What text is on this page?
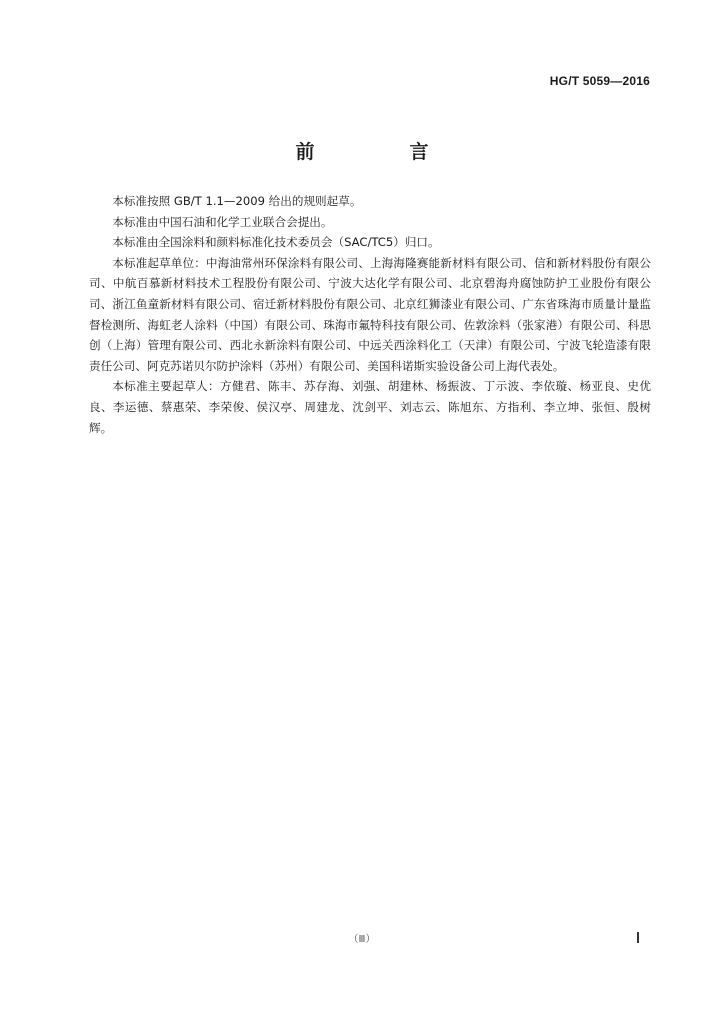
HG/T 5059—2016
前　言

本标准按照 GB/T 1.1—2009 给出的规则起草。

本标准由中国石油和化学工业联合会提出。

本标准由全国涂料和颜料标准化技术委员会（SAC/TC5）归口。

本标准起草单位：中海油常州环保涂料有限公司、上海海隆赛能新材料有限公司、信和新材料股份有限公司、中航百慕新材料技术工程股份有限公司、宁波大达化学有限公司、北京碧海舟腐蚀防护工业股份有限公司、浙江鱼童新材料有限公司、宿迁新材料股份有限公司、北京红狮漆业有限公司、广东省珠海市质量计量监督检测所、海虹老人涂料（中国）有限公司、珠海市氟特科技有限公司、佐敦涂料（张家港）有限公司、科思创（上海）管理有限公司、西北永新涂料有限公司、中远关西涂料化工（天津）有限公司、宁波飞轮造漆有限责任公司、阿克苏诺贝尔防护涂料（苏州）有限公司、美国科诺斯实验设备公司上海代表处。

本标准主要起草人：方健君、陈丰、苏存海、刘强、胡建林、杨振波、丁示波、李依璇、杨亚良、史优良、李运德、蔡惠荣、李荣俊、侯汉亭、周建龙、沈剑平、刘志云、陈旭东、方指利、李立坤、张恒、殷树辉。

（Ⅲ）
